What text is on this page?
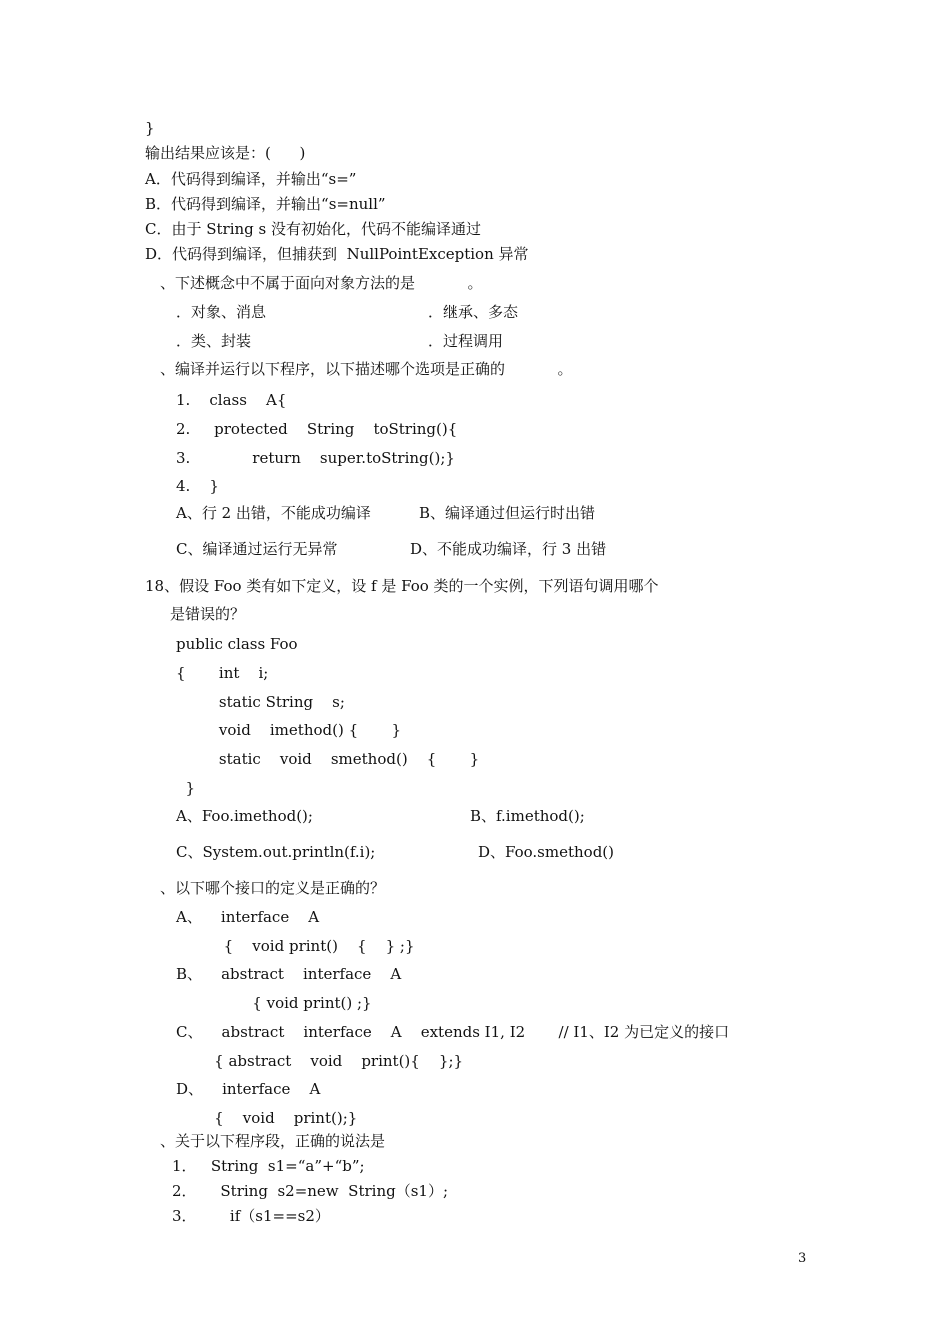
}
输出结果应该是：(      )
A．代码得到编译，并输出“s=”
B．代码得到编译，并输出“s=null”
C．由于 String s 没有初始化，代码不能编译通过
D．代码得到编译，但捕获到  NullPointException 异常
、下述概念中不属于面向对象方法的是           。
．对象、消息	．继承、多态
．类、封装	．过程调用
、编译并运行以下程序，以下描述哪个选项是正确的           。
1.    class    A{
2.     protected    String    toString(){
3.             return    super.toString();}
4.    }
A、行 2 出错，不能成功编译	B、编译通过但运行时出错
C、编译通过运行无异常	D、不能成功编译，行 3 出错
18、假设 Foo 类有如下定义，设 f 是 Foo 类的一个实例，下列语句调用哪个
是错误的？
public class Foo
{       int    i;
static String    s;
void    imethod() {       }
static    void    smethod()    {       }
}
A、Foo.imethod();	B、f.imethod();
C、System.out.println(f.i);	D、Foo.smethod()
、以下哪个接口的定义是正确的？
A、    interface    A
{    void print()    {    } ;}
B、    abstract    interface    A
{ void print() ;}
C、    abstract    interface    A    extends I1, I2       // I1、I2 为已定义的接口
{ abstract    void    print(){    };}
D、    interface    A
{    void    print();}
、关于以下程序段，正确的说法是
1．   String  s1=“a”+“b”;
2．     String  s2=new  String（s1）;
3．       if（s1==s2）
3
